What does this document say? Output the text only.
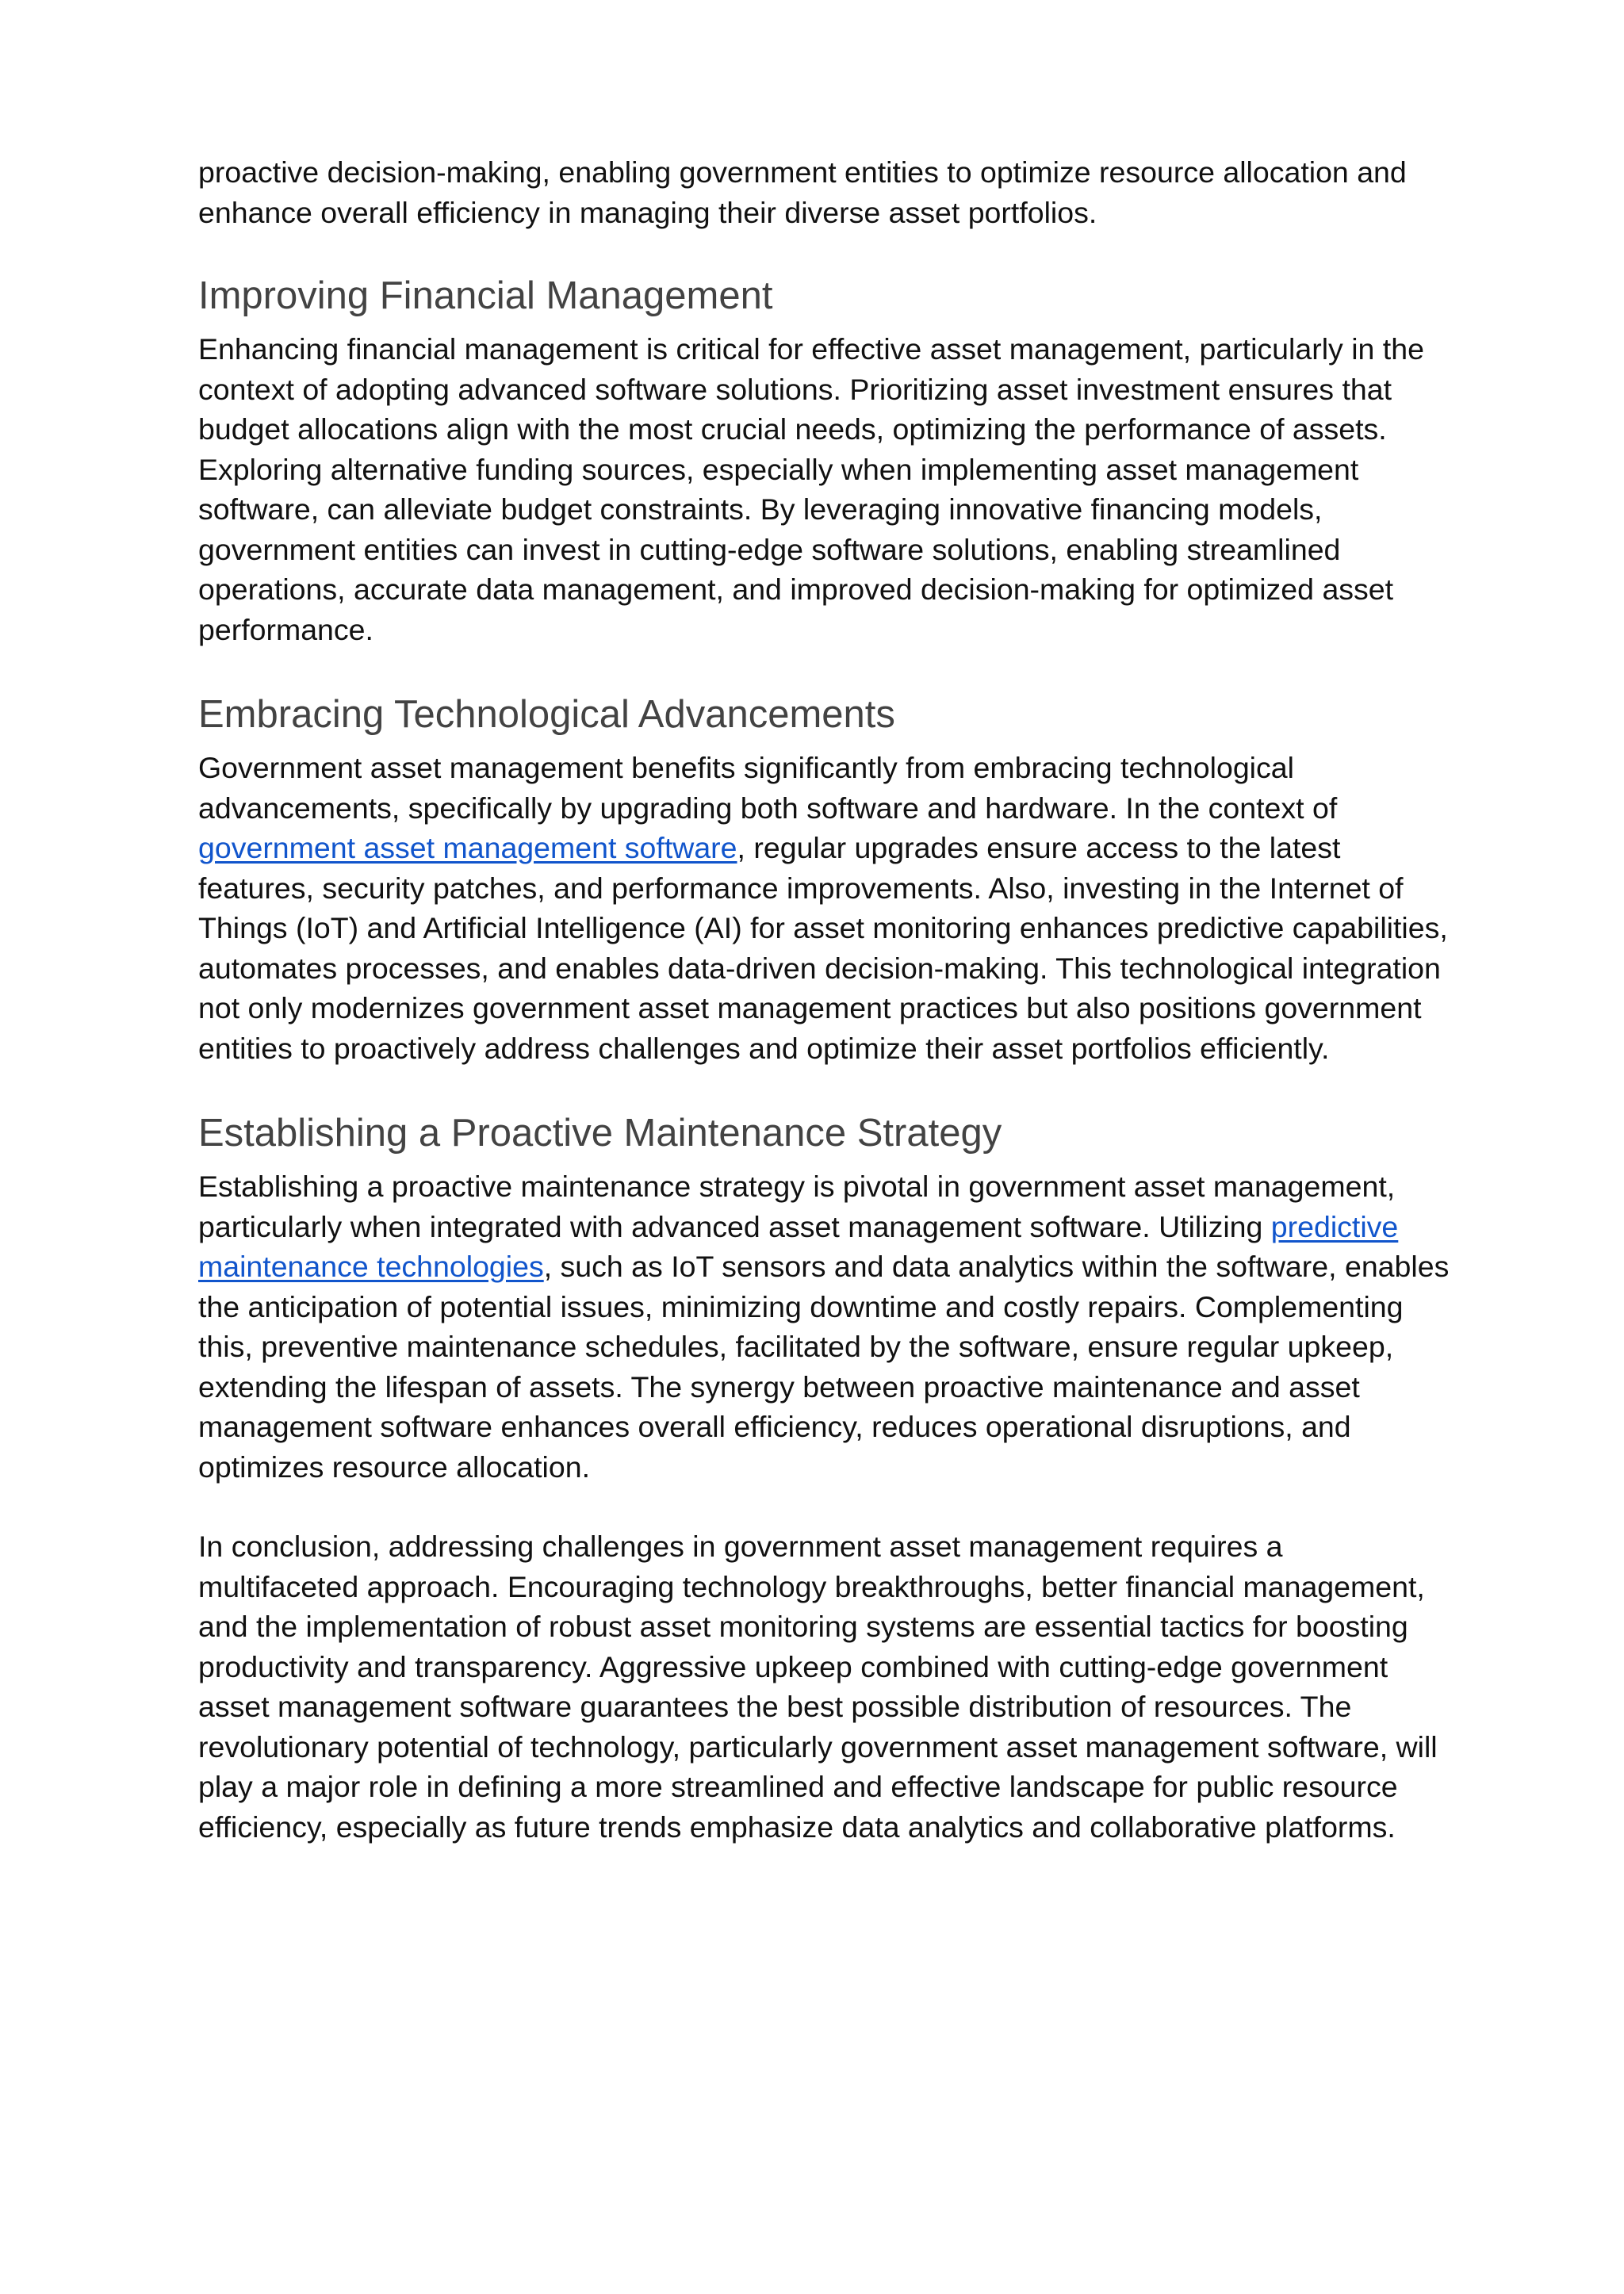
proactive decision-making, enabling government entities to optimize resource allocation and enhance overall efficiency in managing their diverse asset portfolios.

Improving Financial Management

Enhancing financial management is critical for effective asset management, particularly in the context of adopting advanced software solutions. Prioritizing asset investment ensures that budget allocations align with the most crucial needs, optimizing the performance of assets. Exploring alternative funding sources, especially when implementing asset management software, can alleviate budget constraints. By leveraging innovative financing models, government entities can invest in cutting-edge software solutions, enabling streamlined operations, accurate data management, and improved decision-making for optimized asset performance.

Embracing Technological Advancements

Government asset management benefits significantly from embracing technological advancements, specifically by upgrading both software and hardware. In the context of government asset management software, regular upgrades ensure access to the latest features, security patches, and performance improvements. Also, investing in the Internet of Things (IoT) and Artificial Intelligence (AI) for asset monitoring enhances predictive capabilities, automates processes, and enables data-driven decision-making. This technological integration not only modernizes government asset management practices but also positions government entities to proactively address challenges and optimize their asset portfolios efficiently.

Establishing a Proactive Maintenance Strategy

Establishing a proactive maintenance strategy is pivotal in government asset management, particularly when integrated with advanced asset management software. Utilizing predictive maintenance technologies, such as IoT sensors and data analytics within the software, enables the anticipation of potential issues, minimizing downtime and costly repairs. Complementing this, preventive maintenance schedules, facilitated by the software, ensure regular upkeep, extending the lifespan of assets. The synergy between proactive maintenance and asset management software enhances overall efficiency, reduces operational disruptions, and optimizes resource allocation.

In conclusion, addressing challenges in government asset management requires a multifaceted approach. Encouraging technology breakthroughs, better financial management, and the implementation of robust asset monitoring systems are essential tactics for boosting productivity and transparency. Aggressive upkeep combined with cutting-edge government asset management software guarantees the best possible distribution of resources. The revolutionary potential of technology, particularly government asset management software, will play a major role in defining a more streamlined and effective landscape for public resource efficiency, especially as future trends emphasize data analytics and collaborative platforms.
